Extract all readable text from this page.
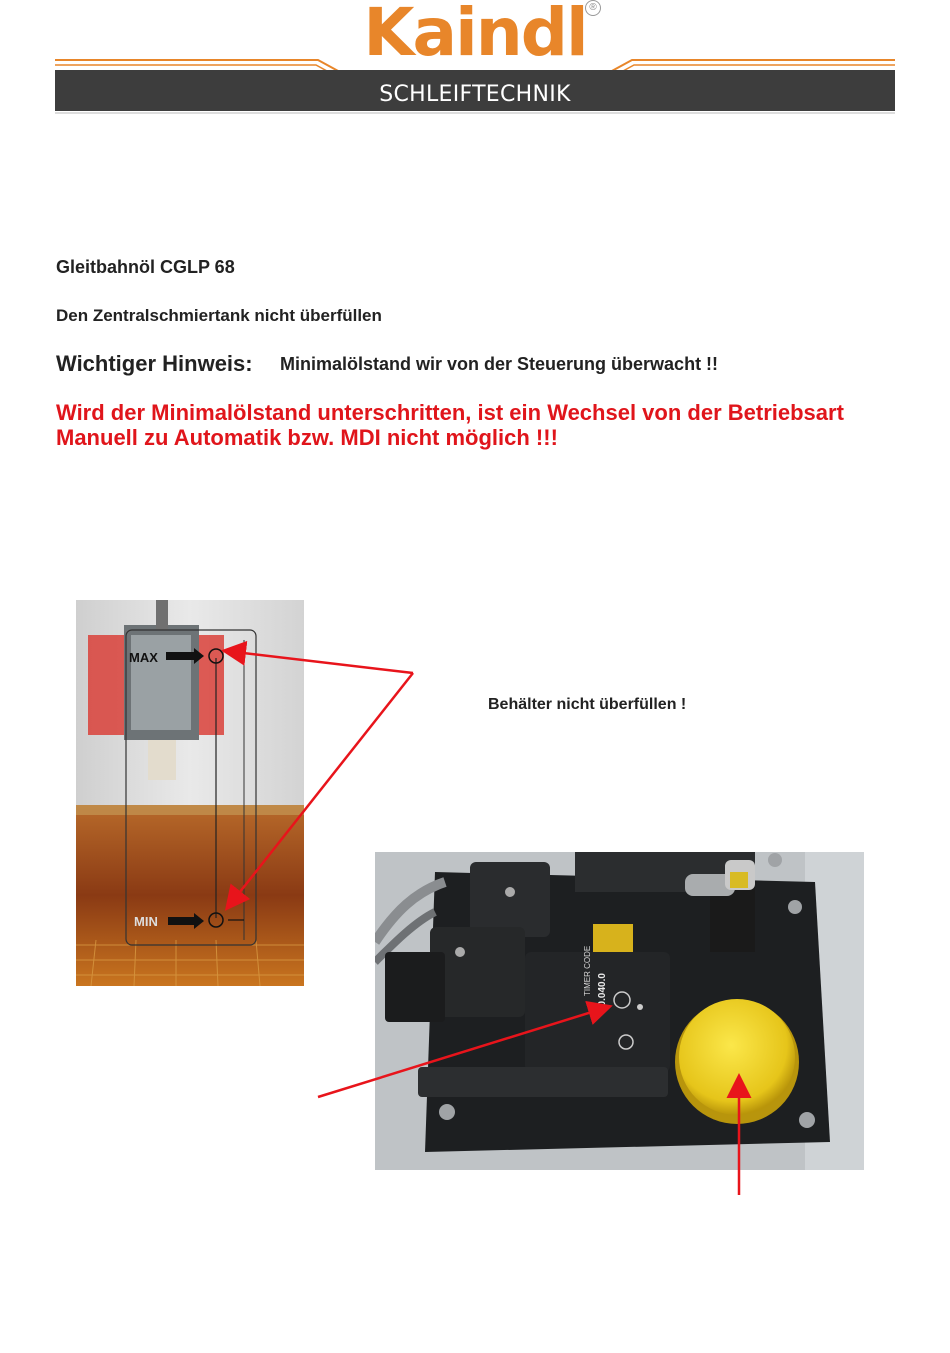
Kaindl ®
SCHLEIFTECHNIK
Gleitbahnöl CGLP 68
Den Zentralschmiertank nicht überfüllen
Wichtiger Hinweis: Minimalölstand wir von der Steuerung überwacht !!
Wird der Minimalölstand unterschritten, ist ein Wechsel von der Betriebsart Manuell zu Automatik bzw. MDI nicht möglich !!!
Behälter nicht überfüllen !
MAX
MIN
TIMER CODE 40.040.0
